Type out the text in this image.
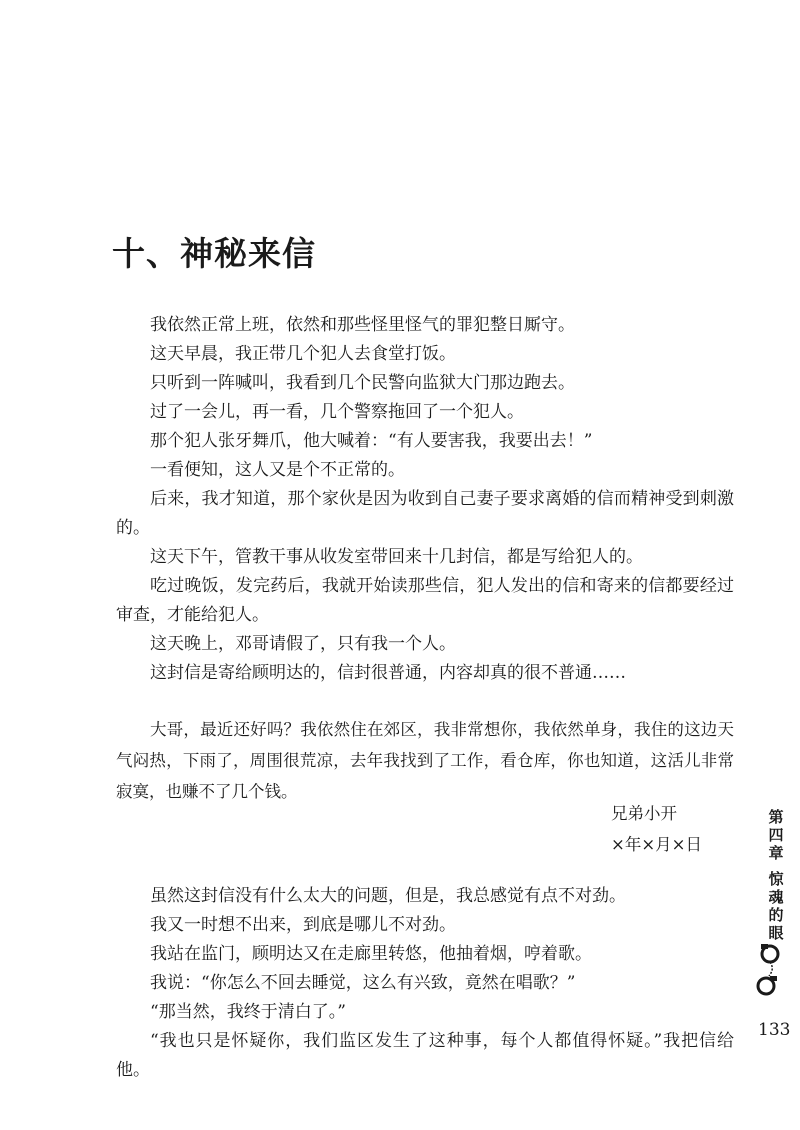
十、神秘来信

我依然正常上班，依然和那些怪里怪气的罪犯整日厮守。

这天早晨，我正带几个犯人去食堂打饭。

只听到一阵喊叫，我看到几个民警向监狱大门那边跑去。

过了一会儿，再一看，几个警察拖回了一个犯人。

那个犯人张牙舞爪，他大喊着：“有人要害我，我要出去！”

一看便知，这人又是个不正常的。

后来，我才知道，那个家伙是因为收到自己妻子要求离婚的信而精神受到刺激的。

这天下午，管教干事从收发室带回来十几封信，都是写给犯人的。

吃过晚饭，发完药后，我就开始读那些信，犯人发出的信和寄来的信都要经过审查，才能给犯人。

这天晚上，邓哥请假了，只有我一个人。

这封信是寄给顾明达的，信封很普通，内容却真的很不普通……

大哥，最近还好吗？我依然住在郊区，我非常想你，我依然单身，我住的这边天气闷热，下雨了，周围很荒凉，去年我找到了工作，看仓库，你也知道，这活儿非常寂寞，也赚不了几个钱。

兄弟小开

×年×月×日

虽然这封信没有什么太大的问题，但是，我总感觉有点不对劲。

我又一时想不出来，到底是哪儿不对劲。

我站在监门，顾明达又在走廊里转悠，他抽着烟，哼着歌。

我说：“你怎么不回去睡觉，这么有兴致，竟然在唱歌？”

“那当然，我终于清白了。”

“我也只是怀疑你，我们监区发生了这种事，每个人都值得怀疑。”我把信给他。

第四章
惊魂的眼
133
